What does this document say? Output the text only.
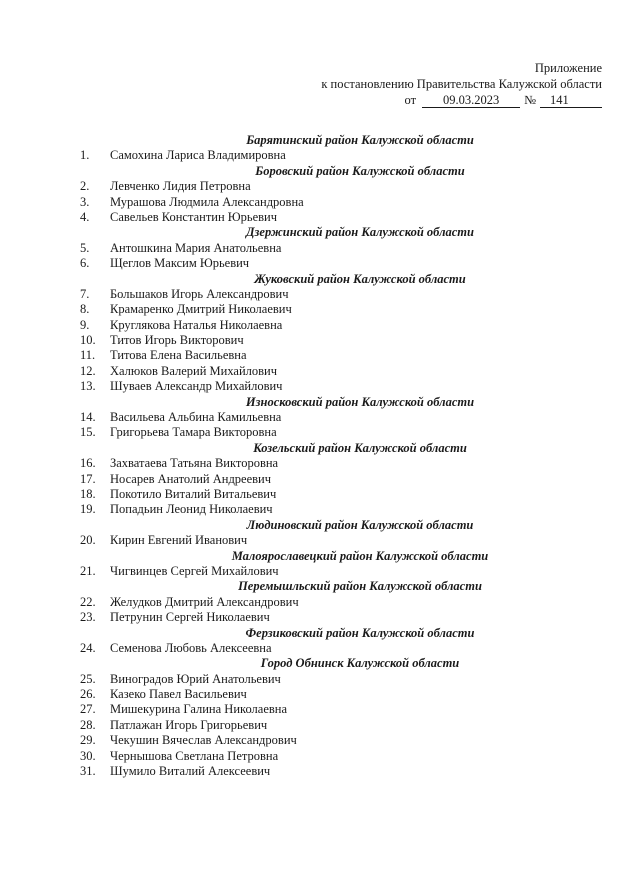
Приложение
к постановлению Правительства Калужской области
от	09.03.2023	№	141
Барятинский район Калужской области
1.	Самохина Лариса Владимировна
Боровский район Калужской области
2.	Левченко Лидия Петровна
3.	Мурашова Людмила Александровна
4.	Савельев Константин Юрьевич
Дзержинский район Калужской области
5.	Антошкина Мария Анатольевна
6.	Щеглов Максим Юрьевич
Жуковский район Калужской области
7.	Большаков Игорь Александрович
8.	Крамаренко Дмитрий Николаевич
9.	Круглякова Наталья Николаевна
10.	Титов Игорь Викторович
11.	Титова Елена Васильевна
12.	Халюков Валерий Михайлович
13.	Шуваев Александр Михайлович
Износковский район Калужской области
14.	Васильева Альбина Камильевна
15.	Григорьева Тамара Викторовна
Козельский район Калужской области
16.	Захватаева Татьяна Викторовна
17.	Носарев Анатолий Андреевич
18.	Покотило Виталий Витальевич
19.	Попадьин Леонид Николаевич
Людиновский район Калужской области
20.	Кирин Евгений Иванович
Малоярославецкий район Калужской области
21.	Чигвинцев Сергей Михайлович
Перемышльский район Калужской области
22.	Желудков Дмитрий Александрович
23.	Петрунин Сергей Николаевич
Ферзиковский район Калужской области
24.	Семенова Любовь Алексеевна
Город Обнинск Калужской области
25.	Виноградов Юрий Анатольевич
26.	Казеко Павел Васильевич
27.	Мишекурина Галина Николаевна
28.	Патлажан Игорь Григорьевич
29.	Чекушин Вячеслав Александрович
30.	Чернышова Светлана Петровна
31.	Шумило Виталий Алексеевич
